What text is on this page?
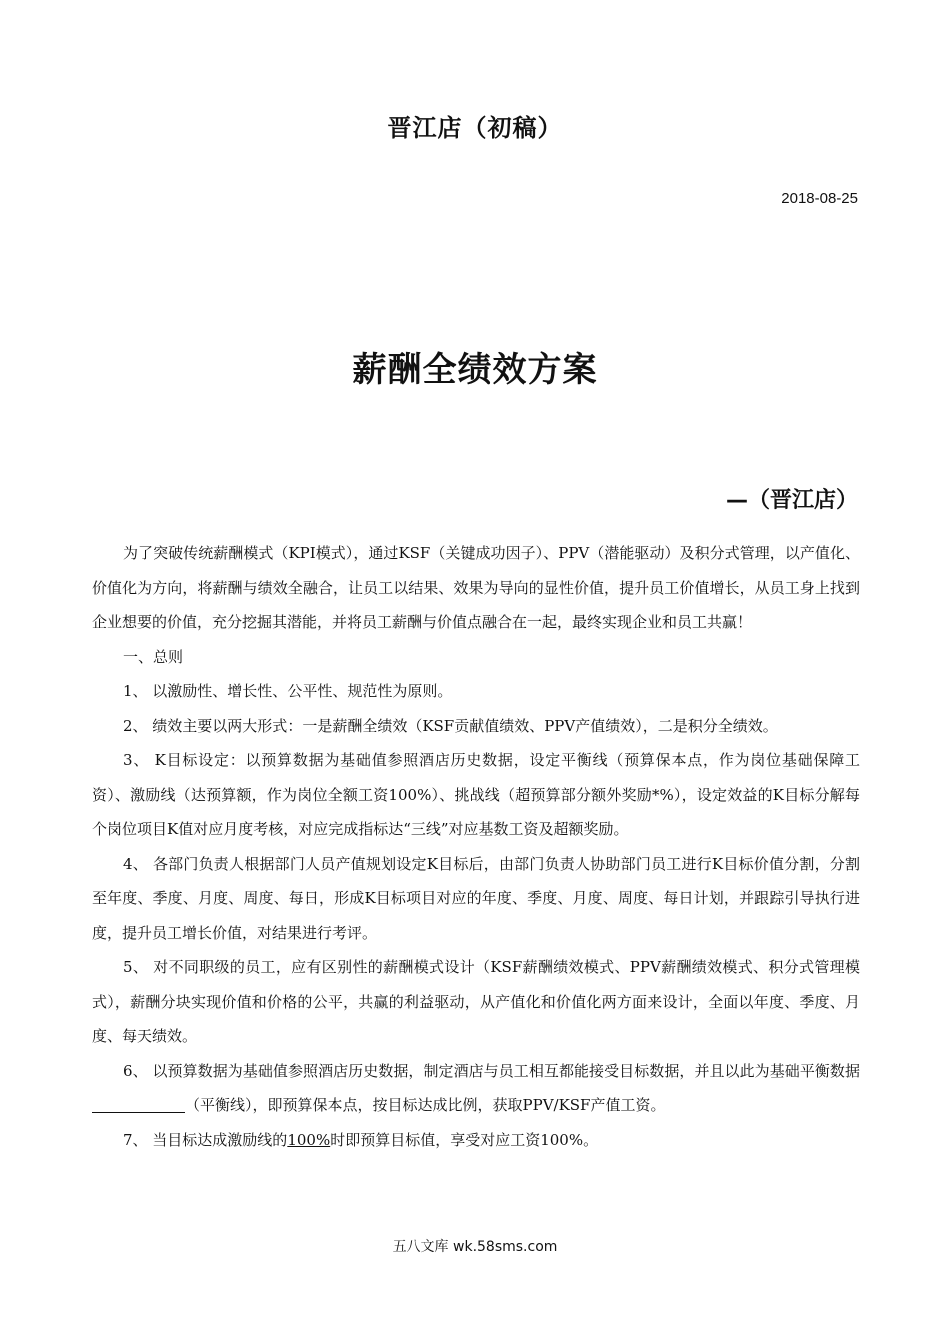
晋江店（初稿）
2018-08-25
薪酬全绩效方案
—（晋江店）

为了突破传统薪酬模式（KPI模式），通过KSF（关键成功因子）、PPV（潜能驱动）及积分式管理，以产值化、价值化为方向，将薪酬与绩效全融合，让员工以结果、效果为导向的显性价值，提升员工价值增长，从员工身上找到企业想要的价值，充分挖掘其潜能，并将员工薪酬与价值点融合在一起，最终实现企业和员工共赢！

一、总则

1、 以激励性、增长性、公平性、规范性为原则。

2、 绩效主要以两大形式：一是薪酬全绩效（KSF贡献值绩效、PPV产值绩效），二是积分全绩效。

3、 K目标设定：以预算数据为基础值参照酒店历史数据，设定平衡线（预算保本点，作为岗位基础保障工资）、激励线（达预算额，作为岗位全额工资100%）、挑战线（超预算部分额外奖励*%），设定效益的K目标分解每个岗位项目K值对应月度考核，对应完成指标达“三线”对应基数工资及超额奖励。

4、 各部门负责人根据部门人员产值规划设定K目标后，由部门负责人协助部门员工进行K目标价值分割，分割至年度、季度、月度、周度、每日，形成K目标项目对应的年度、季度、月度、周度、每日计划，并跟踪引导执行进度，提升员工增长价值，对结果进行考评。

5、 对不同职级的员工，应有区别性的薪酬模式设计（KSF薪酬绩效模式、PPV薪酬绩效模式、积分式管理模式），薪酬分块实现价值和价格的公平，共赢的利益驱动，从产值化和价值化两方面来设计，全面以年度、季度、月度、每天绩效。

6、 以预算数据为基础值参照酒店历史数据，制定酒店与员工相互都能接受目标数据，并且以此为基础平衡数据（平衡线），即预算保本点，按目标达成比例，获取PPV/KSF产值工资。

7、 当目标达成激励线的100%时即预算目标值，享受对应工资100%。

五八文库 wk.58sms.com
